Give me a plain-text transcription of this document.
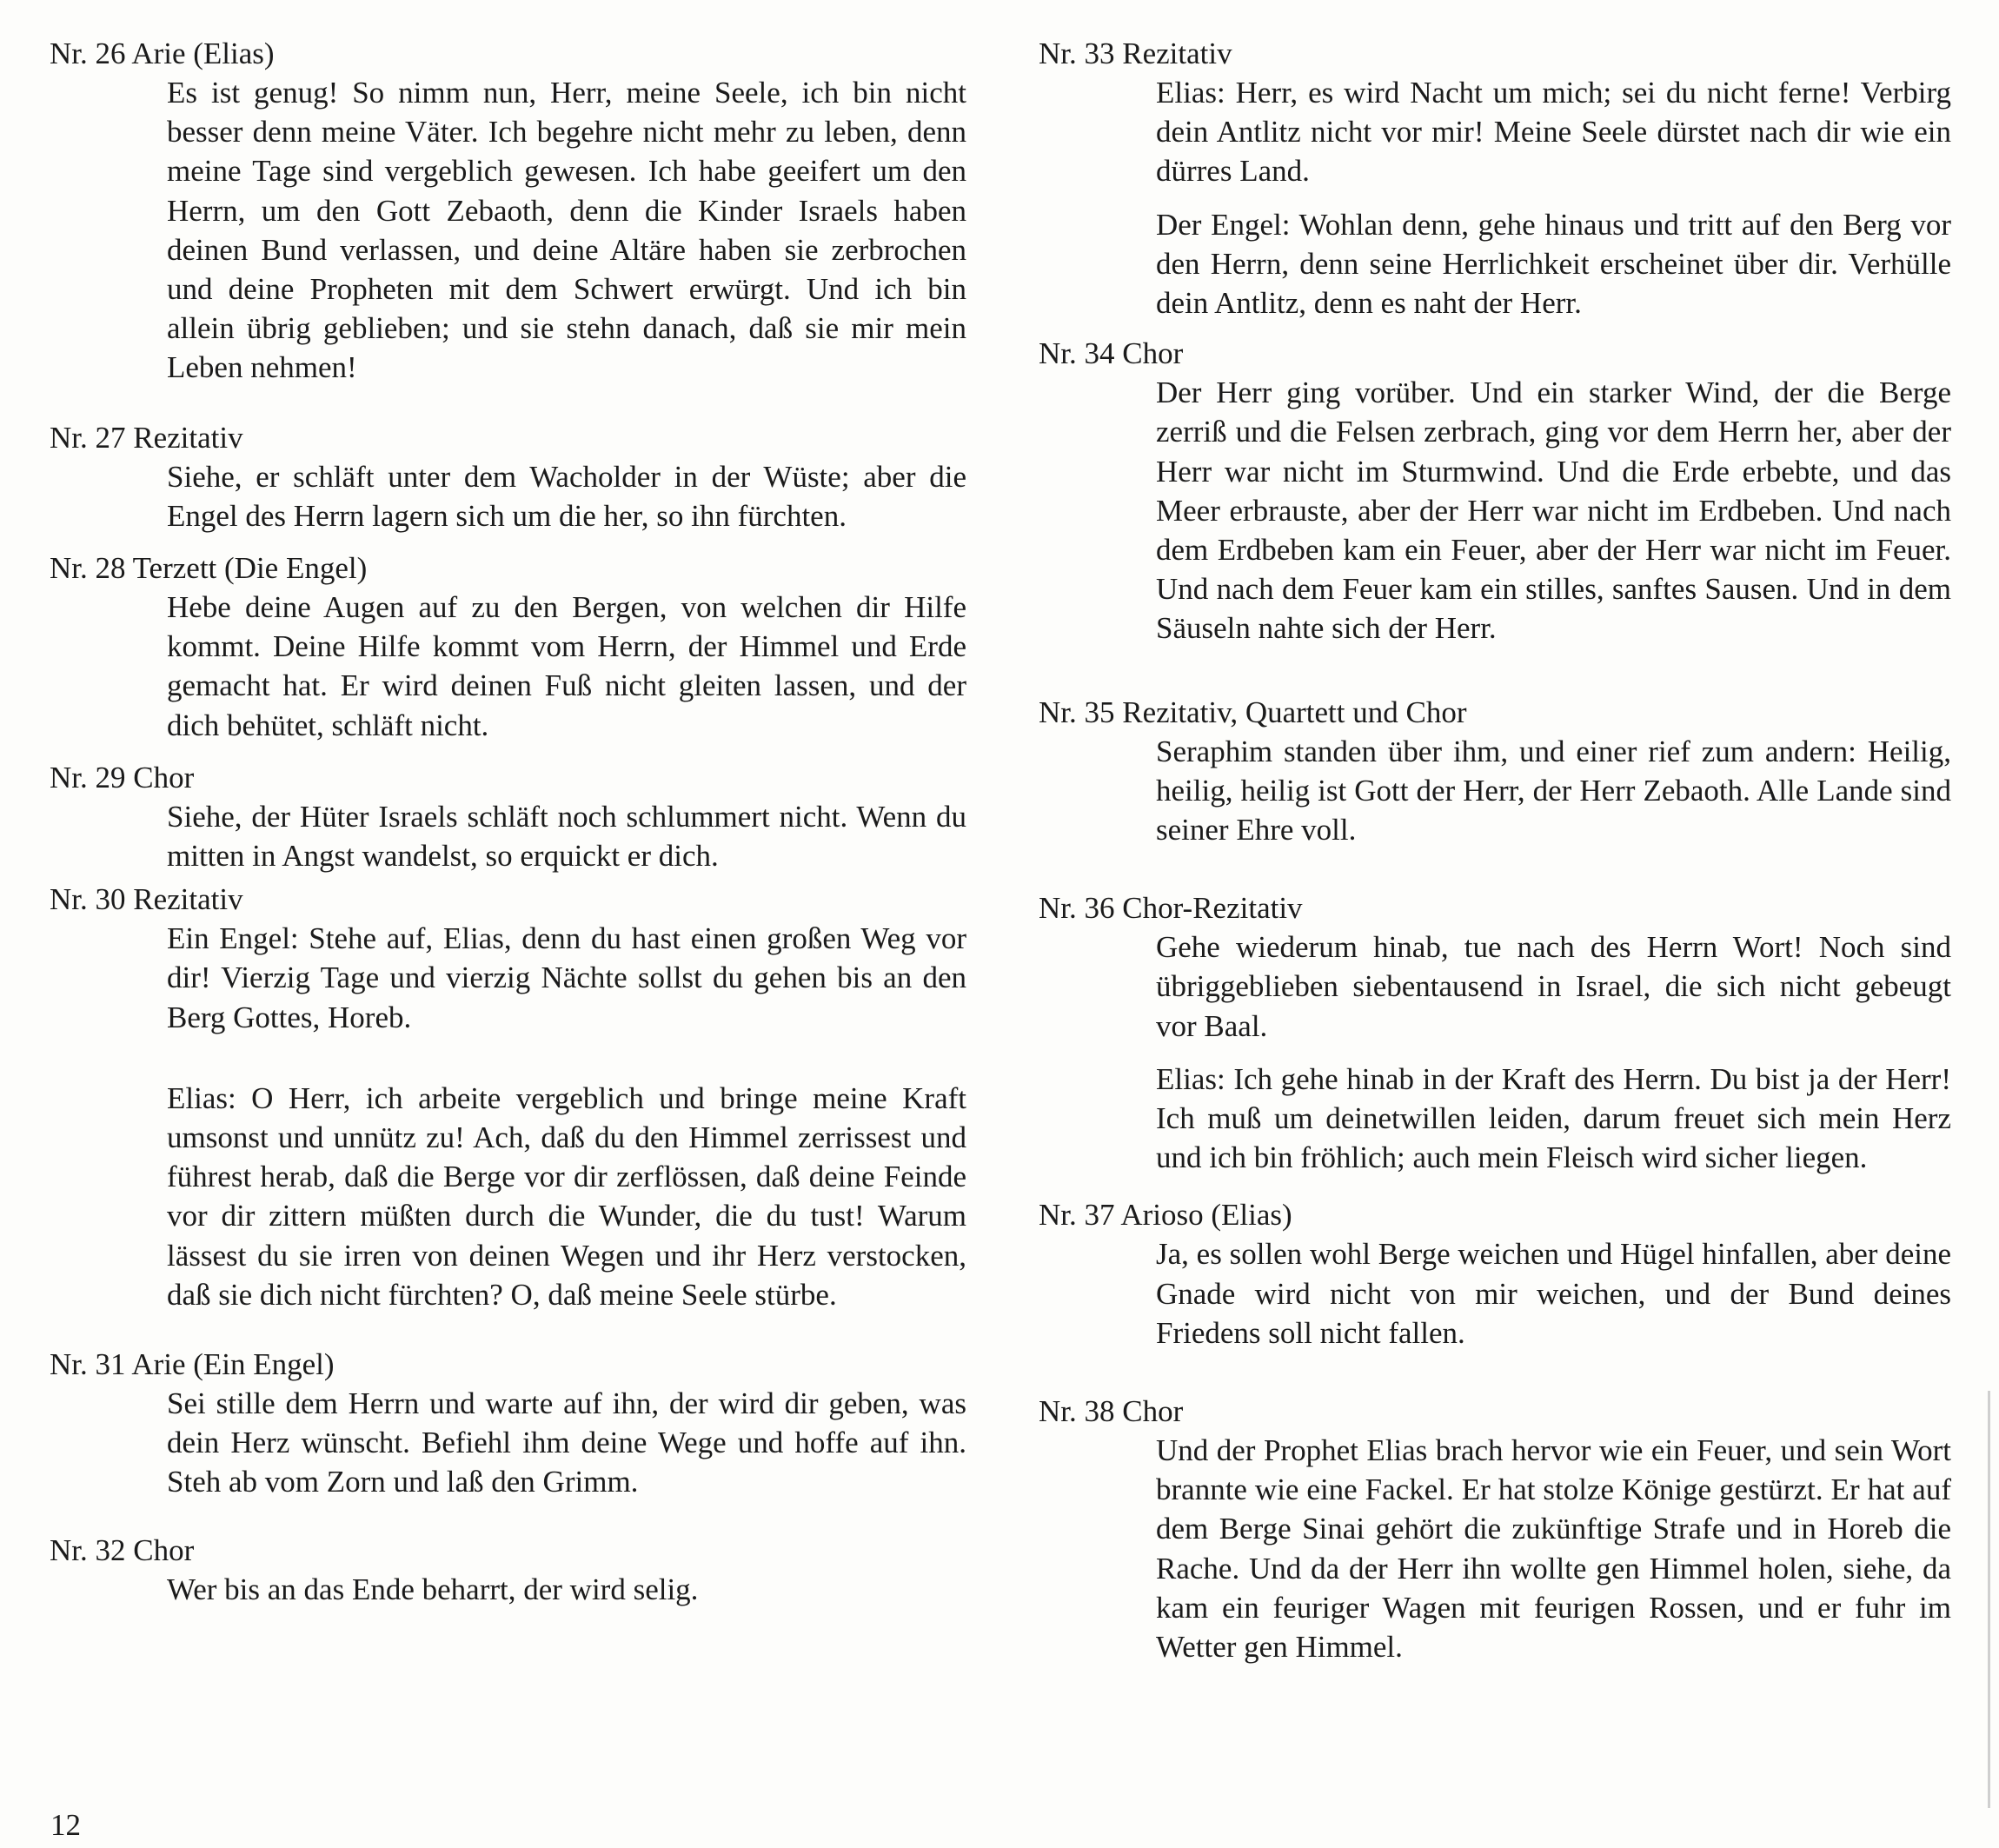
Nr. 26 Arie (Elias)

Es ist genug! So nimm nun, Herr, meine Seele, ich bin nicht besser denn meine Väter. Ich begehre nicht mehr zu leben, denn meine Tage sind vergeblich gewesen. Ich habe geeifert um den Herrn, um den Gott Zebaoth, denn die Kinder Israels haben deinen Bund verlassen, und deine Altäre haben sie zerbrochen und deine Propheten mit dem Schwert erwürgt. Und ich bin allein übrig geblieben; und sie stehn danach, daß sie mir mein Leben nehmen!

Nr. 27 Rezitativ

Siehe, er schläft unter dem Wacholder in der Wüste; aber die Engel des Herrn lagern sich um die her, so ihn fürchten.

Nr. 28 Terzett (Die Engel)

Hebe deine Augen auf zu den Bergen, von welchen dir Hilfe kommt. Deine Hilfe kommt vom Herrn, der Himmel und Erde gemacht hat. Er wird deinen Fuß nicht gleiten lassen, und der dich behütet, schläft nicht.

Nr. 29 Chor

Siehe, der Hüter Israels schläft noch schlummert nicht. Wenn du mitten in Angst wandelst, so erquickt er dich.

Nr. 30 Rezitativ

Ein Engel: Stehe auf, Elias, denn du hast einen großen Weg vor dir! Vierzig Tage und vierzig Nächte sollst du gehen bis an den Berg Gottes, Horeb.

Elias: O Herr, ich arbeite vergeblich und bringe meine Kraft umsonst und unnütz zu! Ach, daß du den Himmel zerrissest und führest herab, daß die Berge vor dir zerflössen, daß deine Feinde vor dir zittern müßten durch die Wunder, die du tust! Warum lässest du sie irren von deinen Wegen und ihr Herz verstocken, daß sie dich nicht fürchten? O, daß meine Seele stürbe.

Nr. 31 Arie (Ein Engel)

Sei stille dem Herrn und warte auf ihn, der wird dir geben, was dein Herz wünscht. Befiehl ihm deine Wege und hoffe auf ihn. Steh ab vom Zorn und laß den Grimm.

Nr. 32 Chor

Wer bis an das Ende beharrt, der wird selig.

Nr. 33 Rezitativ

Elias: Herr, es wird Nacht um mich; sei du nicht ferne! Verbirg dein Antlitz nicht vor mir! Meine Seele dürstet nach dir wie ein dürres Land.

Der Engel: Wohlan denn, gehe hinaus und tritt auf den Berg vor den Herrn, denn seine Herrlichkeit erscheinet über dir. Verhülle dein Antlitz, denn es naht der Herr.

Nr. 34 Chor

Der Herr ging vorüber. Und ein starker Wind, der die Berge zerriß und die Felsen zerbrach, ging vor dem Herrn her, aber der Herr war nicht im Sturmwind. Und die Erde erbebte, und das Meer erbrauste, aber der Herr war nicht im Erdbeben. Und nach dem Erdbeben kam ein Feuer, aber der Herr war nicht im Feuer. Und nach dem Feuer kam ein stilles, sanftes Sausen. Und in dem Säuseln nahte sich der Herr.

Nr. 35 Rezitativ, Quartett und Chor

Seraphim standen über ihm, und einer rief zum andern: Heilig, heilig, heilig ist Gott der Herr, der Herr Zebaoth. Alle Lande sind seiner Ehre voll.

Nr. 36 Chor-Rezitativ

Gehe wiederum hinab, tue nach des Herrn Wort! Noch sind übriggeblieben siebentausend in Israel, die sich nicht gebeugt vor Baal.

Elias: Ich gehe hinab in der Kraft des Herrn. Du bist ja der Herr! Ich muß um deinetwillen leiden, darum freuet sich mein Herz und ich bin fröhlich; auch mein Fleisch wird sicher liegen.

Nr. 37 Arioso (Elias)

Ja, es sollen wohl Berge weichen und Hügel hinfallen, aber deine Gnade wird nicht von mir weichen, und der Bund deines Friedens soll nicht fallen.

Nr. 38 Chor

Und der Prophet Elias brach hervor wie ein Feuer, und sein Wort brannte wie eine Fackel. Er hat stolze Könige gestürzt. Er hat auf dem Berge Sinai gehört die zukünftige Strafe und in Horeb die Rache. Und da der Herr ihn wollte gen Himmel holen, siehe, da kam ein feuriger Wagen mit feurigen Rossen, und er fuhr im Wetter gen Himmel.

12
